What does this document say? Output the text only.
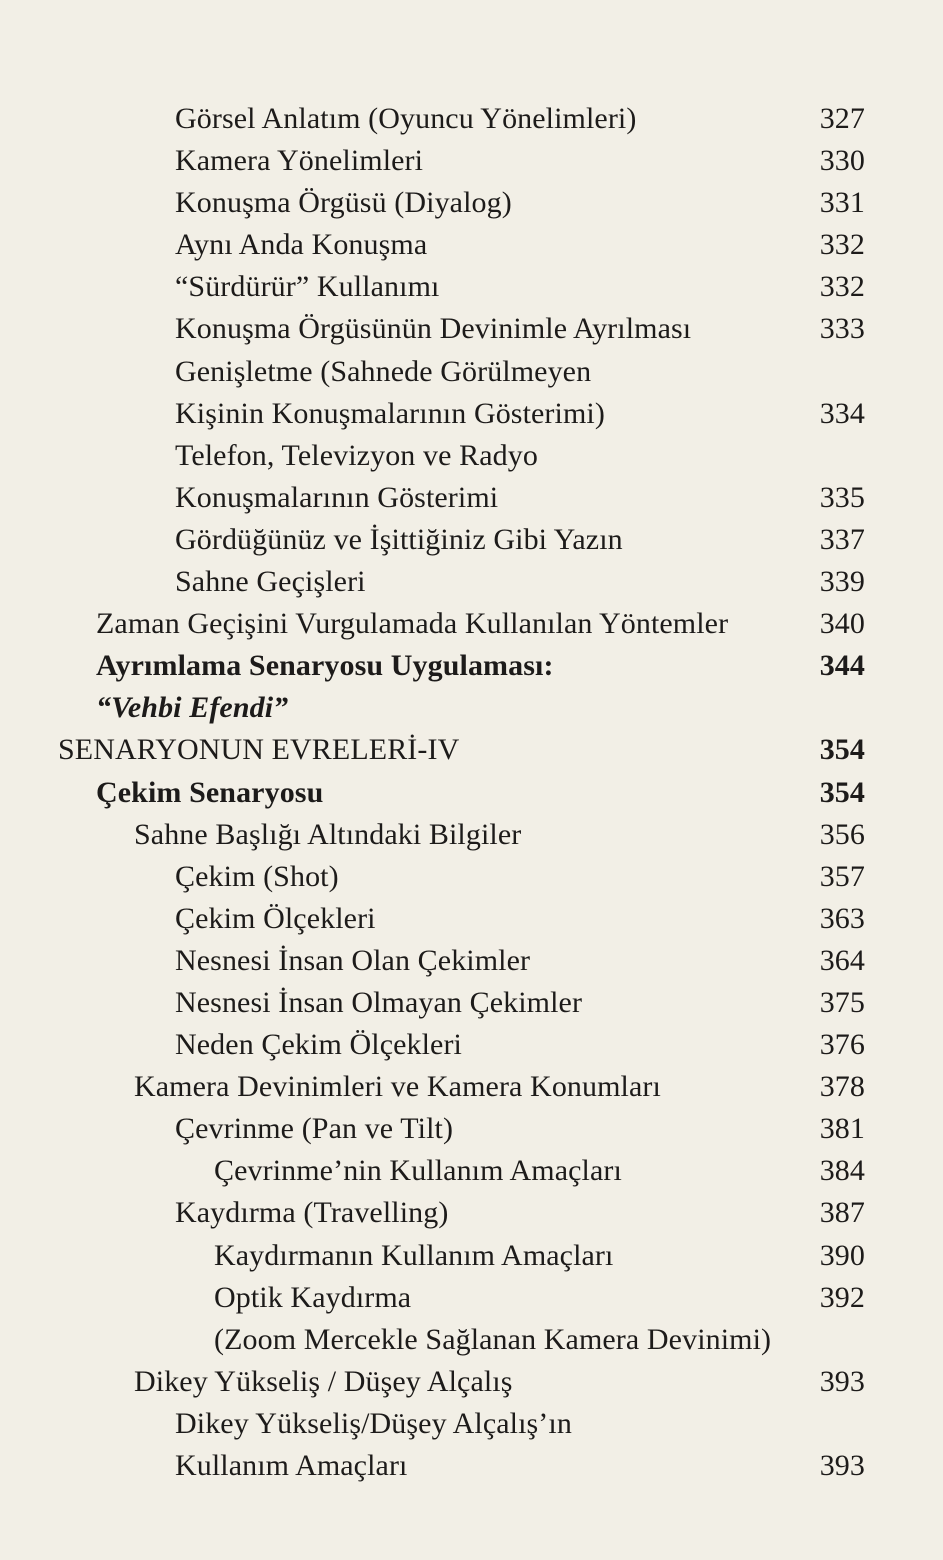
Görsel Anlatım (Oyuncu Yönelimleri)	327
Kamera Yönelimleri	330
Konuşma Örgüsü (Diyalog)	331
Aynı Anda Konuşma	332
“Sürdürür” Kullanımı	332
Konuşma Örgüsünün Devinimle Ayrılması	333
Genişletme (Sahnede Görülmeyen
Kişinin Konuşmalarının Gösterimi)	334
Telefon, Televizyon ve Radyo
Konuşmalarının Gösterimi	335
Gördüğünüz ve İşittiğiniz Gibi Yazın	337
Sahne Geçişleri	339
Zaman Geçişini Vurgulamada Kullanılan Yöntemler	340
Ayrımlama Senaryosu Uygulaması:	344
“Vehbi Efendi”
SENARYONUN EVRELERİ-IV	354
Çekim Senaryosu	354
Sahne Başlığı Altındaki Bilgiler	356
Çekim (Shot)	357
Çekim Ölçekleri	363
Nesnesi İnsan Olan Çekimler	364
Nesnesi İnsan Olmayan Çekimler	375
Neden Çekim Ölçekleri	376
Kamera Devinimleri ve Kamera Konumları	378
Çevrinme (Pan ve Tilt)	381
Çevrinme’nin Kullanım Amaçları	384
Kaydırma (Travelling)	387
Kaydırmanın Kullanım Amaçları	390
Optik Kaydırma	392
(Zoom Mercekle Sağlanan Kamera Devinimi)
Dikey Yükseliş / Düşey Alçalış	393
Dikey Yükseliş/Düşey Alçalış’ın
Kullanım Amaçları	393
